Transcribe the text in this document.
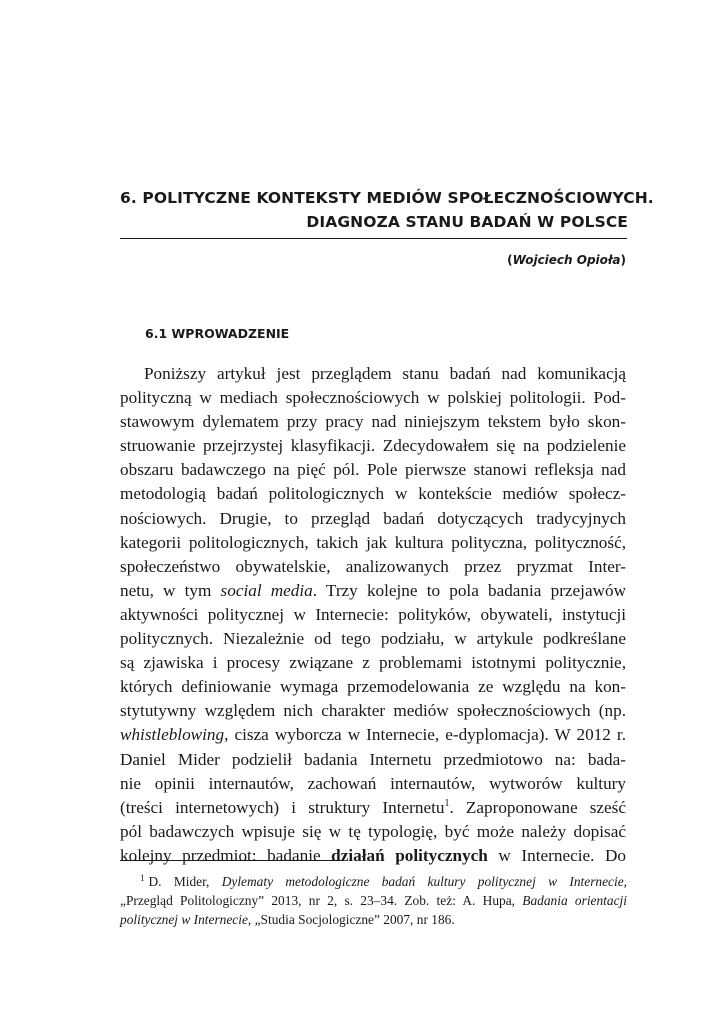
6. POLITYCZNE KONTEKSTY MEDIÓW SPOŁECZNOŚCIOWYCH.
DIAGNOZA STANU BADAŃ W POLSCE
(Wojciech Opioła)
6.1 WPROWADZENIE
Poniższy artykuł jest przeglądem stanu badań nad komunikacją
polityczną w mediach społecznościowych w polskiej politologii. Pod-
stawowym dylematem przy pracy nad niniejszym tekstem było skon-
struowanie przejrzystej klasyfikacji. Zdecydowałem się na podzielenie
obszaru badawczego na pięć pól. Pole pierwsze stanowi refleksja nad
metodologią badań politologicznych w kontekście mediów społecz-
nościowych. Drugie, to przegląd badań dotyczących tradycyjnych
kategorii politologicznych, takich jak kultura polityczna, polityczność,
społeczeństwo obywatelskie, analizowanych przez pryzmat Inter-
netu, w tym social media. Trzy kolejne to pola badania przejawów
aktywności politycznej w Internecie: polityków, obywateli, instytucji
politycznych. Niezależnie od tego podziału, w artykule podkreślane
są zjawiska i procesy związane z problemami istotnymi politycznie,
których definiowanie wymaga przemodelowania ze względu na kon-
stytutywny względem nich charakter mediów społecznościowych (np.
whistleblowing, cisza wyborcza w Internecie, e-dyplomacja). W 2012 r.
Daniel Mider podzielił badania Internetu przedmiotowo na: bada-
nie opinii internautów, zachowań internautów, wytworów kultury
(treści internetowych) i struktury Internetu$^1$. Zaproponowane sześć
pól badawczych wpisuje się w tę typologię, być może należy dopisać
kolejny przedmiot: badanie działań politycznych w Internecie. Do
$^1$ D. Mider, Dylematy metodologiczne badań kultury politycznej w Internecie,
„Przegląd Politologiczny” 2013, nr 2, s. 23–34. Zob. też: A. Hupa, Badania orientacji
politycznej w Internecie, „Studia Socjologiczne” 2007, nr 186.
